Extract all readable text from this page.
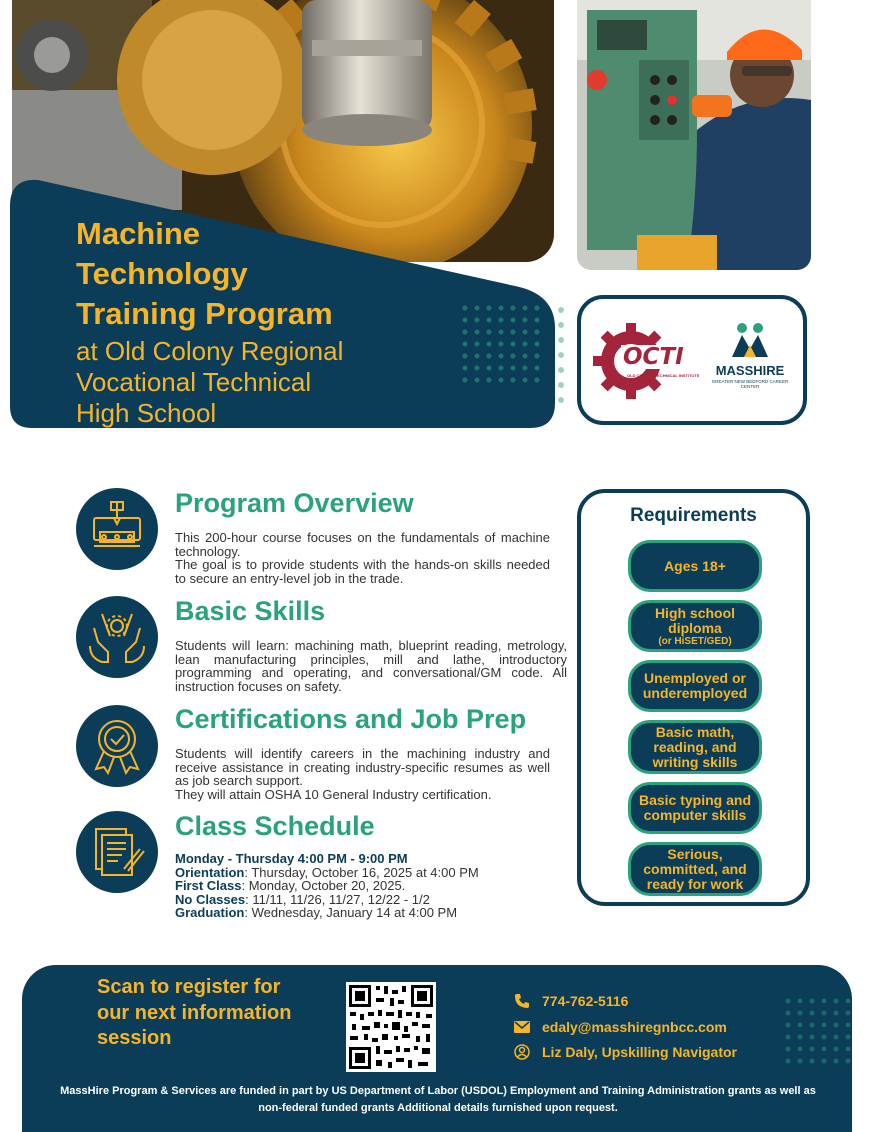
Machine

Technology

Training Program

at Old Colony Regional

Vocational Technical

High School

OCTI
OLD COLONY TECHNICAL INSTITUTE	MASSHIRE
GREATER NEW BEDFORD CAREER CENTER
Program Overview

This 200-hour course focuses on the fundamentals of machine technology.

The goal is to provide students with the hands-on skills needed to secure an entry-level job in the trade.

Basic Skills

Students will learn: machining math, blueprint reading, metrology, lean manufacturing principles, mill and lathe, introductory programming and operating, and conversational/GM code. All instruction focuses on safety.

Certifications and Job Prep

Students will identify careers in the machining industry and receive assistance in creating industry-specific resumes as well as job search support.

They will attain OSHA 10 General Industry certification.

Class Schedule

Monday - Thursday 4:00 PM - 9:00 PM

Orientation: Thursday, October 16, 2025 at 4:00 PM

First Class: Monday, October 20, 2025.

No Classes: 11/11, 11/26, 11/27, 12/22 - 1/2

Graduation: Wednesday, January 14 at 4:00 PM

Requirements
Ages 18+
High school diploma
(or HiSET/GED)
Unemployed or underemployed
Basic math, reading, and writing skills
Basic typing and computer skills
Serious, committed, and ready for work
Scan to register for our next information session
774-762-5116
edaly@masshiregnbcc.com
Liz Daly, Upskilling Navigator
MassHire Program & Services are funded in part by US Department of Labor (USDOL) Employment and Training Administration grants as well as non-federal funded grants Additional details furnished upon request.
